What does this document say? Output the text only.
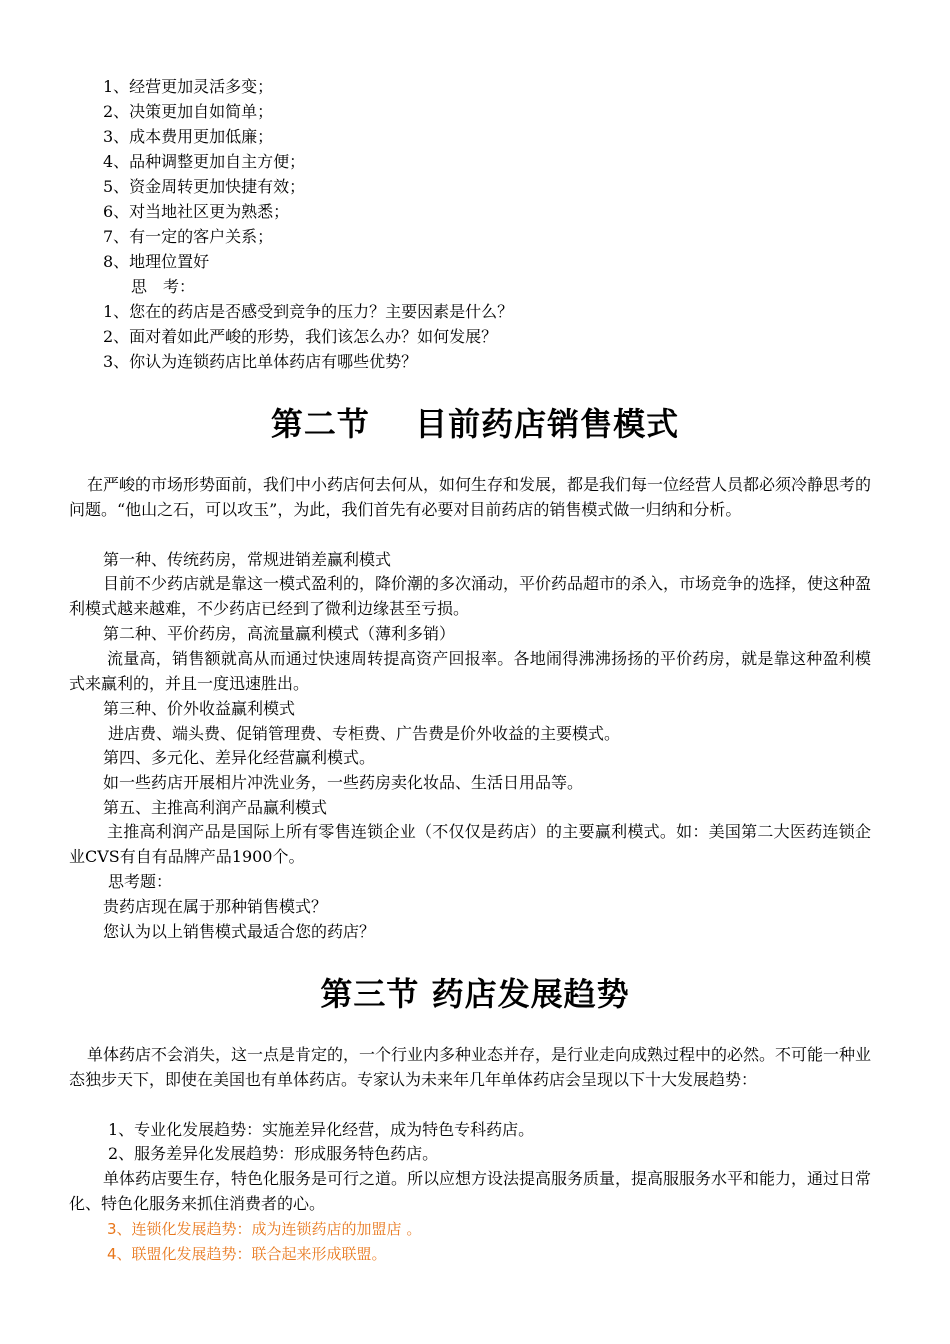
1、经营更加灵活多变；
2、决策更加自如简单；
3、成本费用更加低廉；
4、品种调整更加自主方便；
5、资金周转更加快捷有效；
6、对当地社区更为熟悉；
7、有一定的客户关系；
8、地理位置好
思　考：
1、您在的药店是否感受到竞争的压力？主要因素是什么？
2、面对着如此严峻的形势，我们该怎么办？如何发展？
3、你认为连锁药店比单体药店有哪些优势？
第二节　 目前药店销售模式
在严峻的市场形势面前，我们中小药店何去何从，如何生存和发展，都是我们每一位经营人员都必须冷静思考的问题。“他山之石，可以攻玉”，为此，我们首先有必要对目前药店的销售模式做一归纳和分析。
第一种、传统药房，常规进销差赢利模式
目前不少药店就是靠这一模式盈利的，降价潮的多次涌动，平价药品超市的杀入，市场竞争的选择，使这种盈利模式越来越难，不少药店已经到了微利边缘甚至亏损。
第二种、平价药房，高流量赢利模式（薄利多销）
流量高，销售额就高从而通过快速周转提高资产回报率。各地闹得沸沸扬扬的平价药房，就是靠这种盈利模式来赢利的，并且一度迅速胜出。
第三种、价外收益赢利模式
进店费、端头费、促销管理费、专柜费、广告费是价外收益的主要模式。
第四、多元化、差异化经营赢利模式。
如一些药店开展相片冲洗业务，一些药房卖化妆品、生活日用品等。
第五、主推高利润产品赢利模式
主推高利润产品是国际上所有零售连锁企业（不仅仅是药店）的主要赢利模式。如：美国第二大医药连锁企业CVS有自有品牌产品1900个。
思考题：
贵药店现在属于那种销售模式？
您认为以上销售模式最适合您的药店？
第三节 药店发展趋势
单体药店不会消失，这一点是肯定的，一个行业内多种业态并存，是行业走向成熟过程中的必然。不可能一种业态独步天下，即使在美国也有单体药店。专家认为未来年几年单体药店会呈现以下十大发展趋势：
1、专业化发展趋势：实施差异化经营，成为特色专科药店。
2、服务差异化发展趋势：形成服务特色药店。
单体药店要生存，特色化服务是可行之道。所以应想方设法提高服务质量，提高服服务水平和能力，通过日常化、特色化服务来抓住消费者的心。
3、连锁化发展趋势：成为连锁药店的加盟店 。
4、联盟化发展趋势：联合起来形成联盟。
